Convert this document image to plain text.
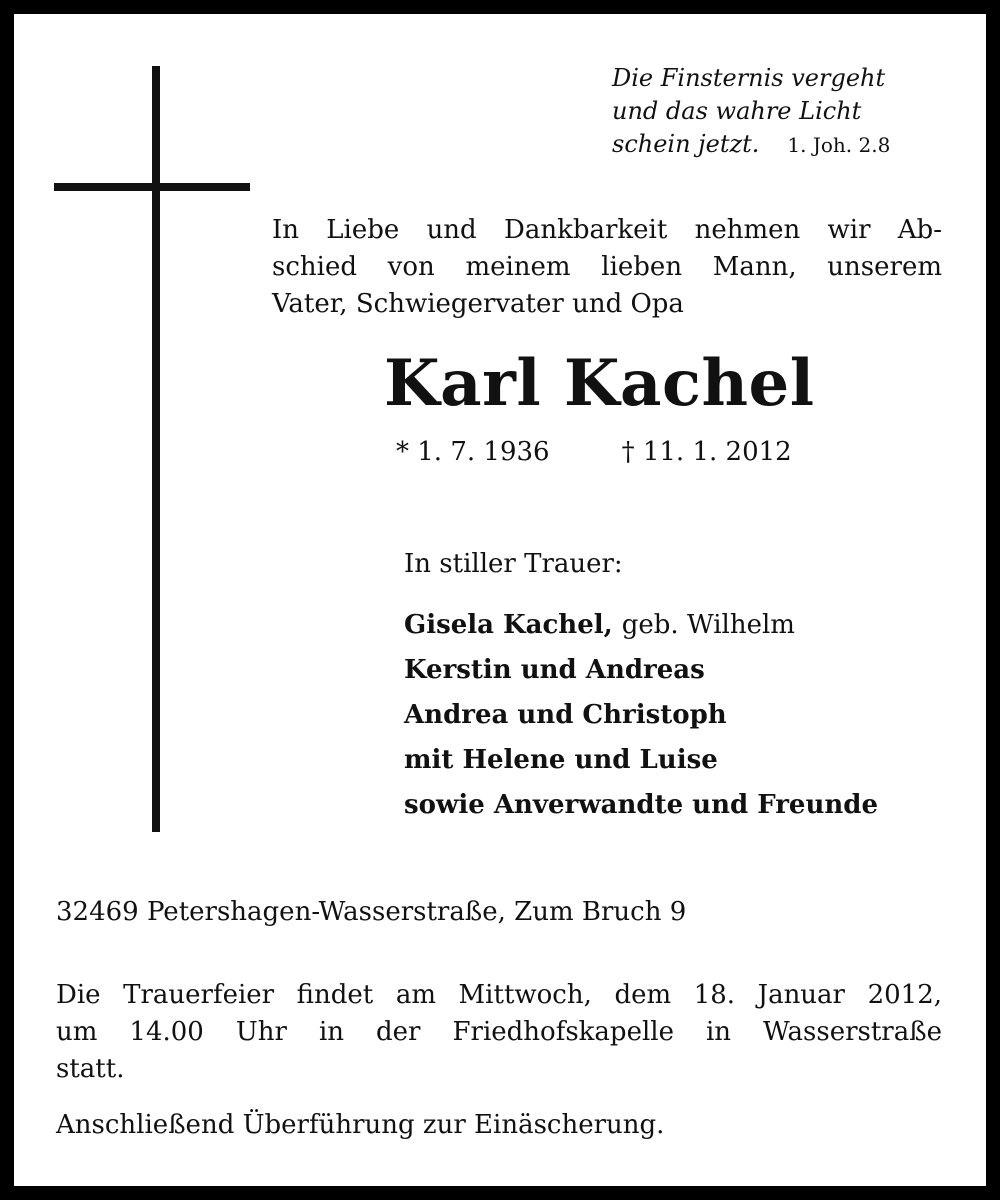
Die Finsternis vergeht
und das wahre Licht
schein jetzt. 1. Joh. 2.8
In Liebe und Dankbarkeit nehmen wir Ab-
schied von meinem lieben Mann, unserem
Vater, Schwiegervater und Opa
Karl Kachel
* 1. 7. 1936	† 11. 1. 2012
In stiller Trauer:
Gisela Kachel, geb. Wilhelm
Kerstin und Andreas
Andrea und Christoph
mit Helene und Luise
sowie Anverwandte und Freunde
32469 Petershagen-Wasserstraße, Zum Bruch 9
Die Trauerfeier findet am Mittwoch, dem 18. Januar 2012,
um 14.00 Uhr in der Friedhofskapelle in Wasserstraße
statt.
Anschließend Überführung zur Einäscherung.
